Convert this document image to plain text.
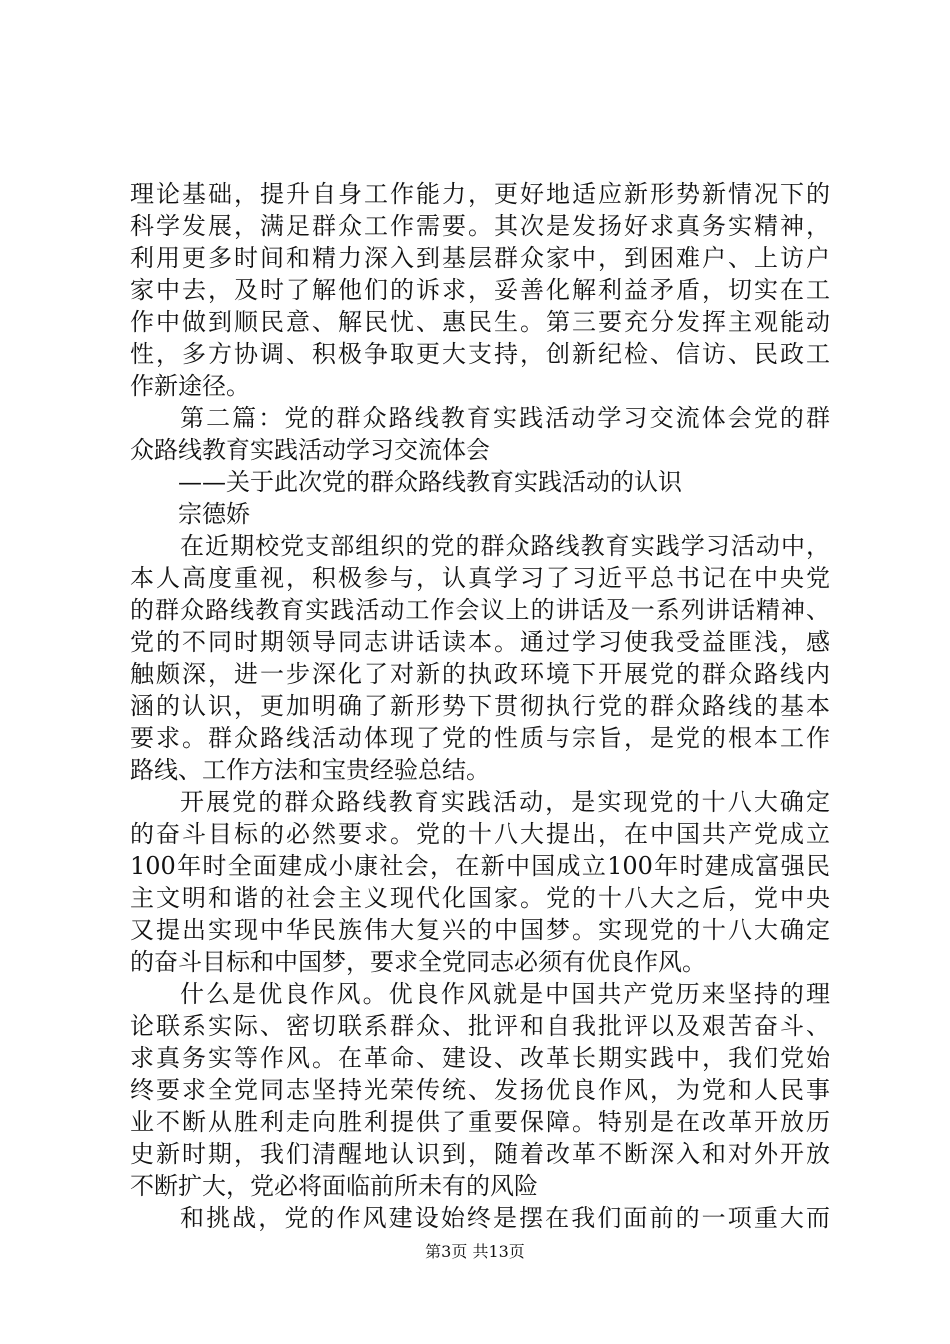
理论基础，提升自身工作能力，更好地适应新形势新情况下的
科学发展，满足群众工作需要。其次是发扬好求真务实精神，
利用更多时间和精力深入到基层群众家中，到困难户、上访户
家中去，及时了解他们的诉求，妥善化解利益矛盾，切实在工
作中做到顺民意、解民忧、惠民生。第三要充分发挥主观能动
性，多方协调、积极争取更大支持，创新纪检、信访、民政工
作新途径。
第二篇：党的群众路线教育实践活动学习交流体会党的群
众路线教育实践活动学习交流体会
——关于此次党的群众路线教育实践活动的认识
宗德娇
在近期校党支部组织的党的群众路线教育实践学习活动中，
本人高度重视，积极参与，认真学习了习近平总书记在中央党
的群众路线教育实践活动工作会议上的讲话及一系列讲话精神、
党的不同时期领导同志讲话读本。通过学习使我受益匪浅，感
触颇深，进一步深化了对新的执政环境下开展党的群众路线内
涵的认识，更加明确了新形势下贯彻执行党的群众路线的基本
要求。群众路线活动体现了党的性质与宗旨，是党的根本工作
路线、工作方法和宝贵经验总结。
开展党的群众路线教育实践活动，是实现党的十八大确定
的奋斗目标的必然要求。党的十八大提出，在中国共产党成立
100年时全面建成小康社会，在新中国成立100年时建成富强民
主文明和谐的社会主义现代化国家。党的十八大之后，党中央
又提出实现中华民族伟大复兴的中国梦。实现党的十八大确定
的奋斗目标和中国梦，要求全党同志必须有优良作风。
什么是优良作风。优良作风就是中国共产党历来坚持的理
论联系实际、密切联系群众、批评和自我批评以及艰苦奋斗、
求真务实等作风。在革命、建设、改革长期实践中，我们党始
终要求全党同志坚持光荣传统、发扬优良作风，为党和人民事
业不断从胜利走向胜利提供了重要保障。特别是在改革开放历
史新时期，我们清醒地认识到，随着改革不断深入和对外开放
不断扩大，党必将面临前所未有的风险
和挑战，党的作风建设始终是摆在我们面前的一项重大而
第3页 共13页
